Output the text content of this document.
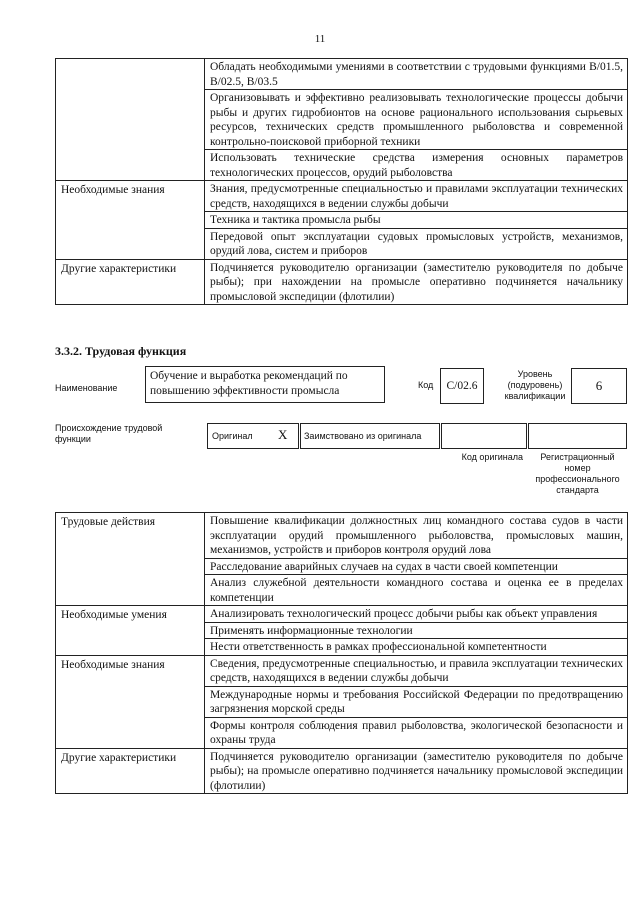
11
	Обладать необходимыми умениями в соответствии с трудовыми функциями В/01.5, В/02.5, В/03.5
	Организовывать и эффективно реализовывать технологические процессы добычи рыбы и других гидробионтов на основе рационального использования сырьевых ресурсов, технических средств промышленного рыболовства и современной контрольно-поисковой приборной техники
	Использовать технические средства измерения основных параметров технологических процессов, орудий рыболовства
Необходимые знания	Знания, предусмотренные специальностью и правилами эксплуатации технических средств, находящихся в ведении службы добычи
	Техника и тактика промысла рыбы
	Передовой опыт эксплуатации судовых промысловых устройств, механизмов, орудий лова, систем и приборов
Другие характеристики	Подчиняется руководителю организации (заместителю руководителя по добыче рыбы); при нахождении на промысле оперативно подчиняется начальнику промысловой экспедиции (флотилии)
3.3.2. Трудовая функция
Наименование
Обучение и выработка рекомендаций по повышению эффективности промысла	Код С/02.6
Уровень (подуровень) квалификации
6
Происхождение трудовой функции	Оригинал X Заимствовано из оригинала
Код оригинала	Регистрационный номер профессионального стандарта
Трудовые действия	Повышение квалификации должностных лиц командного состава судов в части эксплуатации орудий промышленного рыболовства, промысловых машин, механизмов, устройств и приборов контроля орудий лова
	Расследование аварийных случаев на судах в части своей компетенции
	Анализ служебной деятельности командного состава и оценка ее в пределах компетенции
Необходимые умения	Анализировать технологический процесс добычи рыбы как объект управления
	Применять информационные технологии
	Нести ответственность в рамках профессиональной компетентности
Необходимые знания	Сведения, предусмотренные специальностью, и правила эксплуатации технических средств, находящихся в ведении службы добычи
	Международные нормы и требования Российской Федерации по предотвращению загрязнения морской среды
	Формы контроля соблюдения правил рыболовства, экологической безопасности и охраны труда
Другие характеристики	Подчиняется руководителю организации (заместителю руководителя по добыче рыбы); на промысле оперативно подчиняется начальнику промысловой экспедиции (флотилии)
